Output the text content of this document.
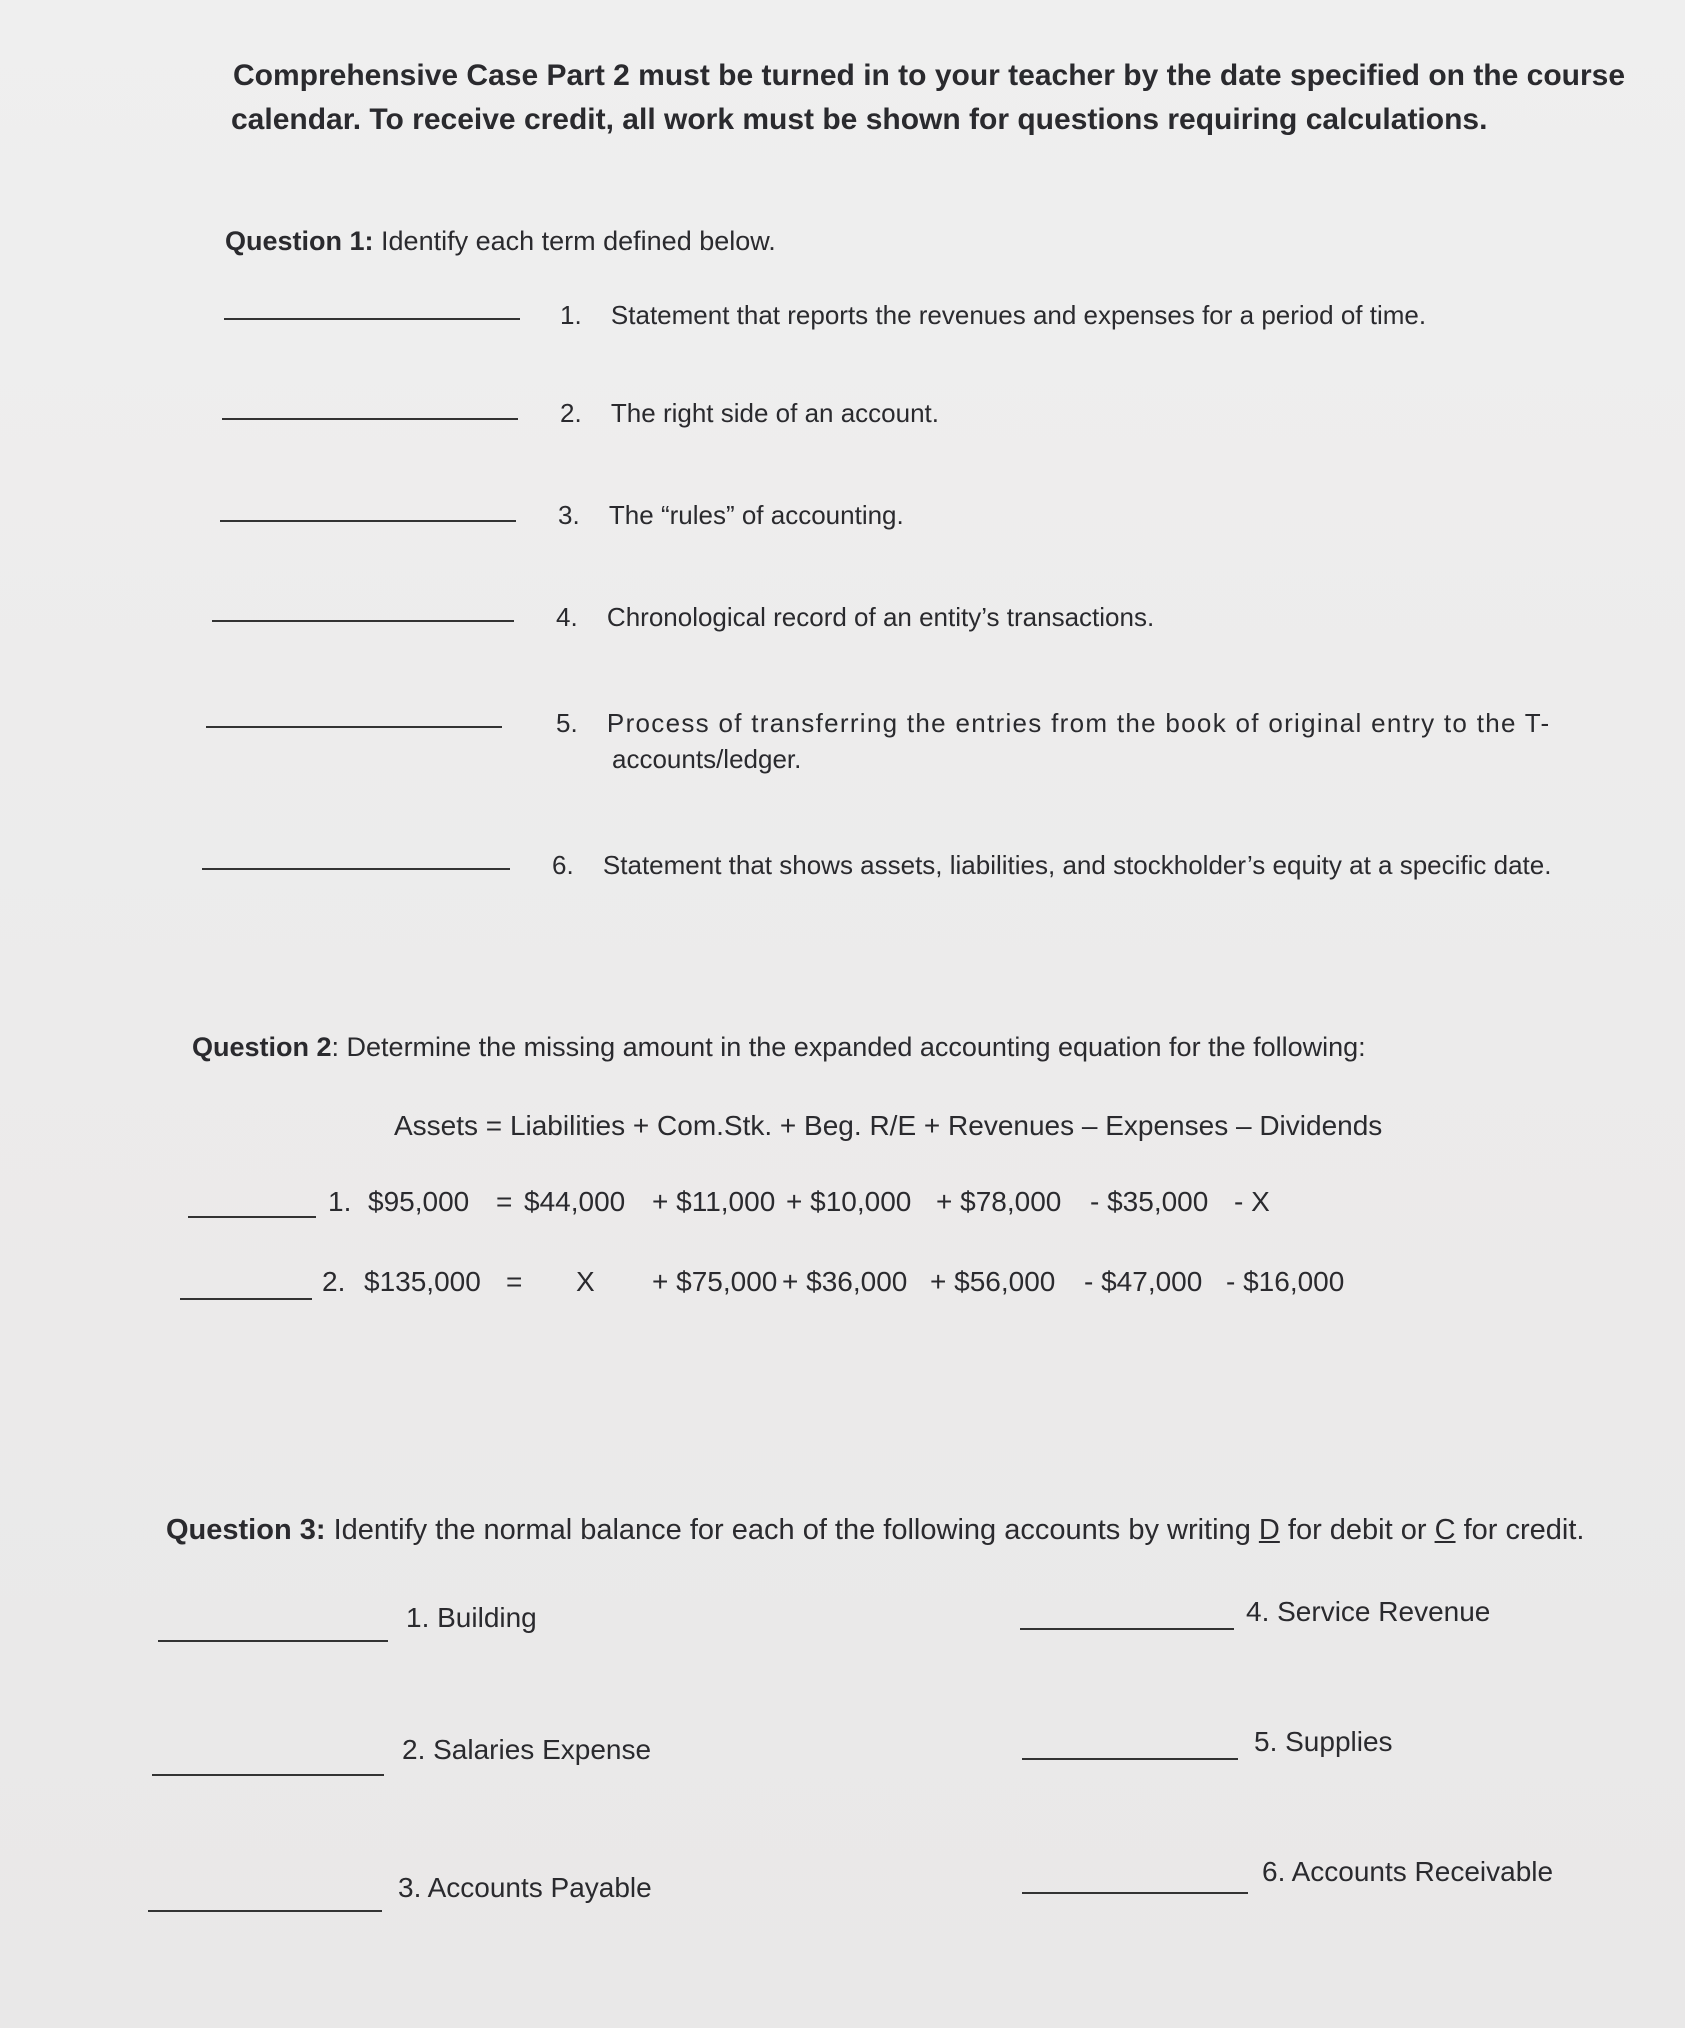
Comprehensive Case Part 2 must be turned in to your teacher by the date specified on the course
calendar. To receive credit, all work must be shown for questions requiring calculations.
Question 1: Identify each term defined below.
1. Statement that reports the revenues and expenses for a period of time.
2. The right side of an account.
3. The “rules” of accounting.
4. Chronological record of an entity’s transactions.
5. Process of transferring the entries from the book of original entry to the T-
accounts/ledger.
6. Statement that shows assets, liabilities, and stockholder’s equity at a specific date.
Question 2: Determine the missing amount in the expanded accounting equation for the following:
Assets = Liabilities + Com.Stk. + Beg. R/E + Revenues – Expenses – Dividends
1. $95,000 = $44,000 + $11,000 + $10,000 + $78,000 - $35,000 - X
2. $135,000 = X + $75,000 + $36,000 + $56,000 - $47,000 - $16,000
Question 3: Identify the normal balance for each of the following accounts by writing D for debit or C for credit.
1. Building
2. Salaries Expense
3. Accounts Payable
4. Service Revenue
5. Supplies
6. Accounts Receivable
